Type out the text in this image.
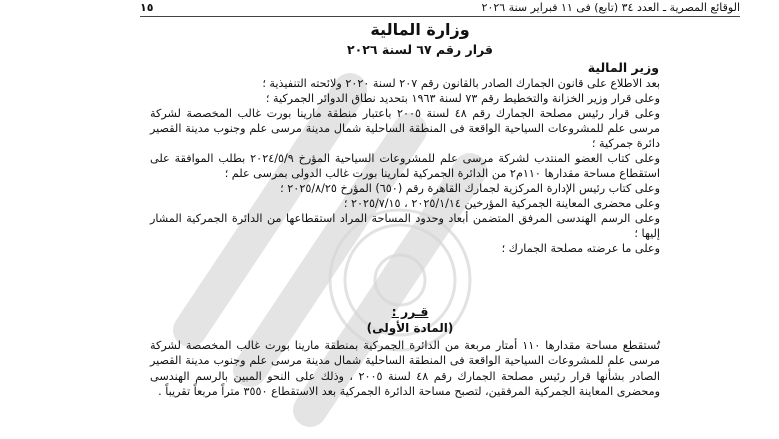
الوقائع المصرية ـ العدد ٣٤ (تابع) فى ١١ فبراير سنة ٢٠٢٦
١٥
وزارة المالية
قرار رقم ٦٧ لسنة ٢٠٢٦
وزير المالية

بعد الاطلاع على قانون الجمارك الصادر بالقانون رقم ٢٠٧ لسنة ٢٠٢٠ ولائحته التنفيذية ؛

وعلى قرار وزير الخزانة والتخطيط رقم ٧٣ لسنة ١٩٦٣ بتحديد نطاق الدوائر الجمركية ؛

وعلى قرار رئيس مصلحة الجمارك رقم ٤٨ لسنة ٢٠٠٥ باعتبار منطقة مارينا بورت غالب المخصصة لشركة مرسى علم للمشروعات السياحية الواقعة فى المنطقة الساحلية شمال مدينة مرسى علم وجنوب مدينة القصير دائرة جمركية ؛

وعلى كتاب العضو المنتدب لشركة مرسى علم للمشروعات السياحية المؤرخ ٢٠٢٤/٥/٩ بطلب الموافقة على استقطاع مساحة مقدارها ١١٠م٢ من الدائرة الجمركية لمارينا بورت غالب الدولى بمرسى علم ؛

وعلى كتاب رئيس الإدارة المركزية لجمارك القاهرة رقم (٦٥٠) المؤرخ ٢٠٢٥/٨/٢٥ ؛

وعلى محضرى المعاينة الجمركية المؤرخين ٢٠٢٥/١/١٤ ، ٢٠٢٥/٧/١٥ ؛

وعلى الرسم الهندسى المرفق المتضمن أبعاد وحدود المساحة المراد استقطاعها من الدائرة الجمركية المشار إليها ؛

وعلى ما عرضته مصلحة الجمارك ؛

قـرر :
(المادة الأولى)
تُستقطع مساحة مقدارها ١١٠ أمتار مربعة من الدائرة الجمركية بمنطقة مارينا بورت غالب المخصصة لشركة مرسى علم للمشروعات السياحية الواقعة فى المنطقة الساحلية شمال مدينة مرسى علم وجنوب مدينة القصير الصادر بشأنها قرار رئيس مصلحة الجمارك رقم ٤٨ لسنة ٢٠٠٥ ، وذلك على النحو المبين بالرسم الهندسى ومحضرى المعاينة الجمركية المرفقين، لتصبح مساحة الدائرة الجمركية بعد الاستقطاع ٣٥٥٠ متراً مربعاً تقريباً .
